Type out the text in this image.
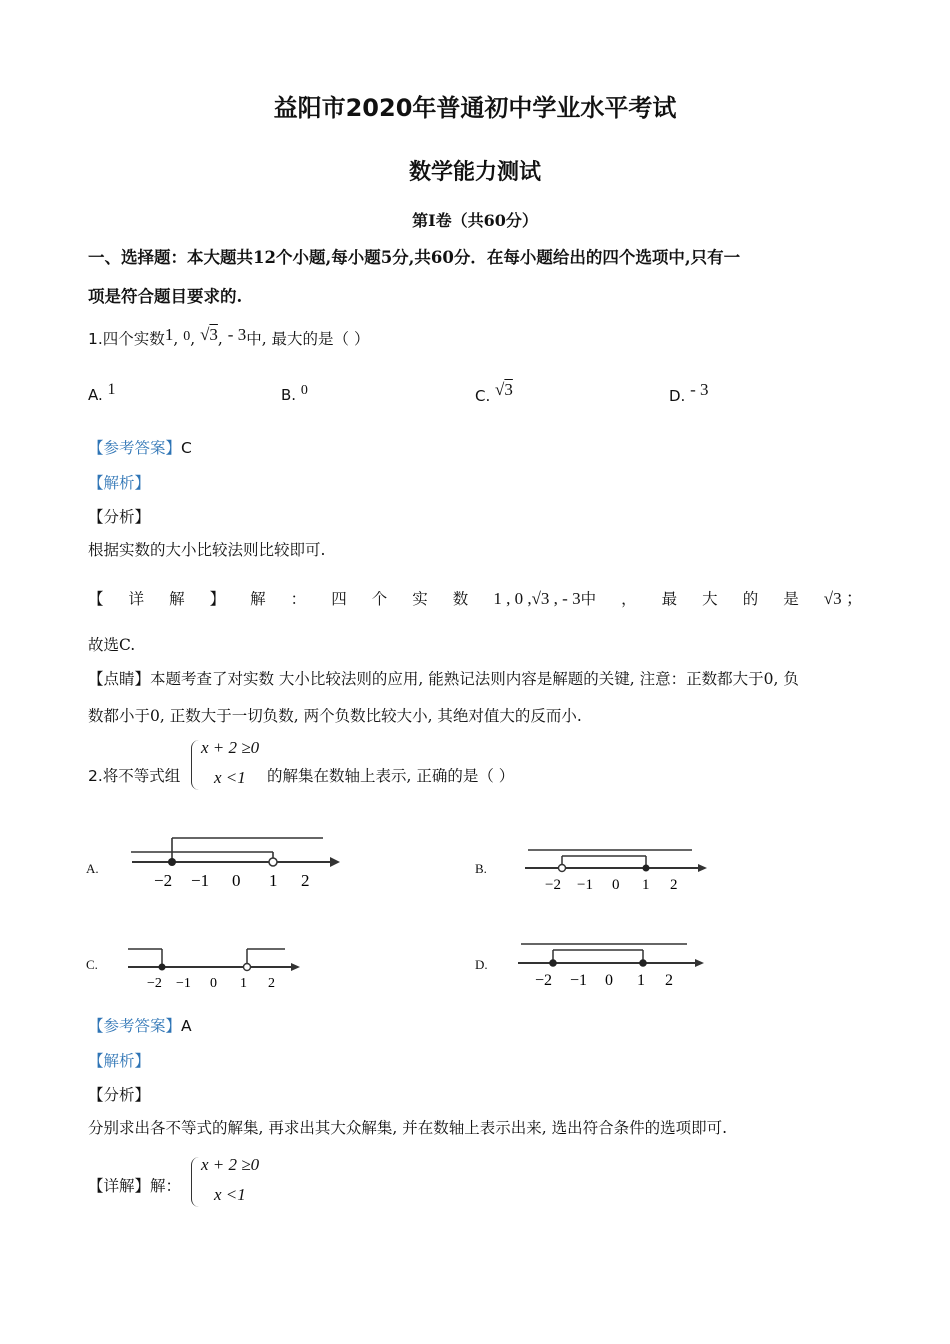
益阳市2020年普通初中学业水平考试
数学能力测试
第Ⅰ卷（共60分）
一、选择题：本大题共12个小题,每小题5分,共60分．在每小题给出的四个选项中,只有一
项是符合题目要求的.
1.四个实数1, 0, √3, - 3中, 最大的是（ ）
A. 1	B. 0	C. √3	D. - 3
【参考答案】C
【解析】
【分析】
根据实数的大小比较法则比较即可.
【 详 解 】 解 ： 四 个 实 数 1 , 0 ,√3 , - 3中 ， 最 大 的 是 √3 ；
故选C.
【点睛】本题考查了对实数 大小比较法则的应用, 能熟记法则内容是解题的关键, 注意：正数都大于0, 负
数都小于0, 正数大于一切负数, 两个负数比较大小, 其绝对值大的反而小.
2.将不等式组
x + 2 ≥0
x <1 的解集在数轴上表示, 正确的是（ ）
A.
−2 −1 0 1 2
B.
−2 −1 0 1 2
C.
−2 −1 0 1 2
D.
−2 −1 0 1 2
【参考答案】A
【解析】
【分析】
分别求出各不等式的解集, 再求出其大众解集, 并在数轴上表示出来, 选出符合条件的选项即可.
【详解】解：
x + 2 ≥0
x <1
